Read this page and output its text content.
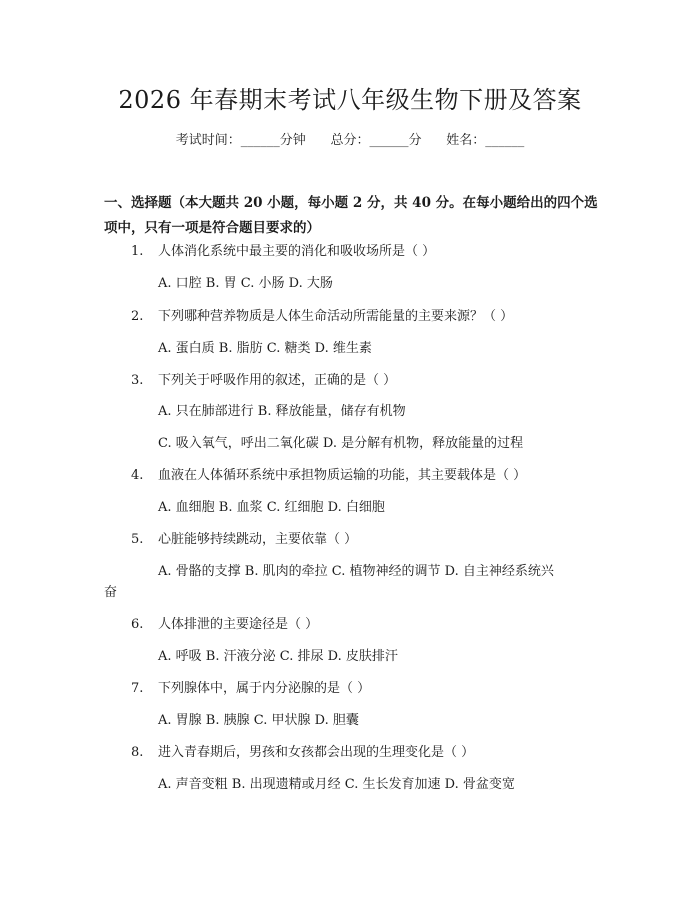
2026 年春期末考试八年级生物下册及答案
考试时间：______分钟      总分：______分      姓名：______
一、选择题（本大题共 20 小题，每小题 2 分，共 40 分。在每小题给出的四个选项中，只有一项是符合题目要求的）
1. 人体消化系统中最主要的消化和吸收场所是（ ）
A. 口腔 B. 胃 C. 小肠 D. 大肠
2. 下列哪种营养物质是人体生命活动所需能量的主要来源？（ ）
A. 蛋白质 B. 脂肪 C. 糖类 D. 维生素
3. 下列关于呼吸作用的叙述，正确的是（ ）
A. 只在肺部进行 B. 释放能量，储存有机物
C. 吸入氧气，呼出二氧化碳 D. 是分解有机物，释放能量的过程
4. 血液在人体循环系统中承担物质运输的功能，其主要载体是（ ）
A. 血细胞 B. 血浆 C. 红细胞 D. 白细胞
5. 心脏能够持续跳动，主要依靠（ ）
A. 骨骼的支撑 B. 肌肉的牵拉 C. 植物神经的调节 D. 自主神经系统兴
奋
6. 人体排泄的主要途径是（ ）
A. 呼吸 B. 汗液分泌 C. 排尿 D. 皮肤排汗
7. 下列腺体中，属于内分泌腺的是（ ）
A. 胃腺 B. 胰腺 C. 甲状腺 D. 胆囊
8. 进入青春期后，男孩和女孩都会出现的生理变化是（ ）
A. 声音变粗 B. 出现遗精或月经 C. 生长发育加速 D. 骨盆变宽
